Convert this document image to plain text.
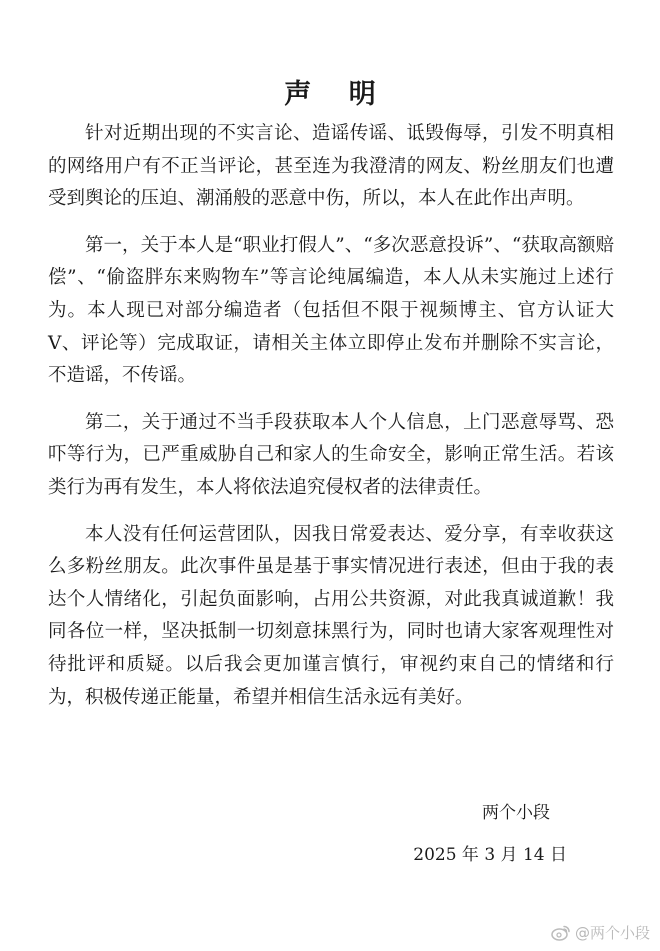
声 明

针对近期出现的不实言论、造谣传谣、诋毁侮辱，引发不明真相的网络用户有不正当评论，甚至连为我澄清的网友、粉丝朋友们也遭受到舆论的压迫、潮涌般的恶意中伤，所以，本人在此作出声明。

第一，关于本人是“职业打假人”、“多次恶意投诉”、“获取高额赔偿”、“偷盗胖东来购物车”等言论纯属编造，本人从未实施过上述行为。本人现已对部分编造者（包括但不限于视频博主、官方认证大V、评论等）完成取证，请相关主体立即停止发布并删除不实言论，不造谣，不传谣。

第二，关于通过不当手段获取本人个人信息，上门恶意辱骂、恐吓等行为，已严重威胁自己和家人的生命安全，影响正常生活。若该类行为再有发生，本人将依法追究侵权者的法律责任。

本人没有任何运营团队，因我日常爱表达、爱分享，有幸收获这么多粉丝朋友。此次事件虽是基于事实情况进行表述，但由于我的表达个人情绪化，引起负面影响，占用公共资源，对此我真诚道歉！我同各位一样，坚决抵制一切刻意抹黑行为，同时也请大家客观理性对待批评和质疑。以后我会更加谨言慎行，审视约束自己的情绪和行为，积极传递正能量，希望并相信生活永远有美好。

两个小段
2025 年 3 月 14 日
@两个小段
